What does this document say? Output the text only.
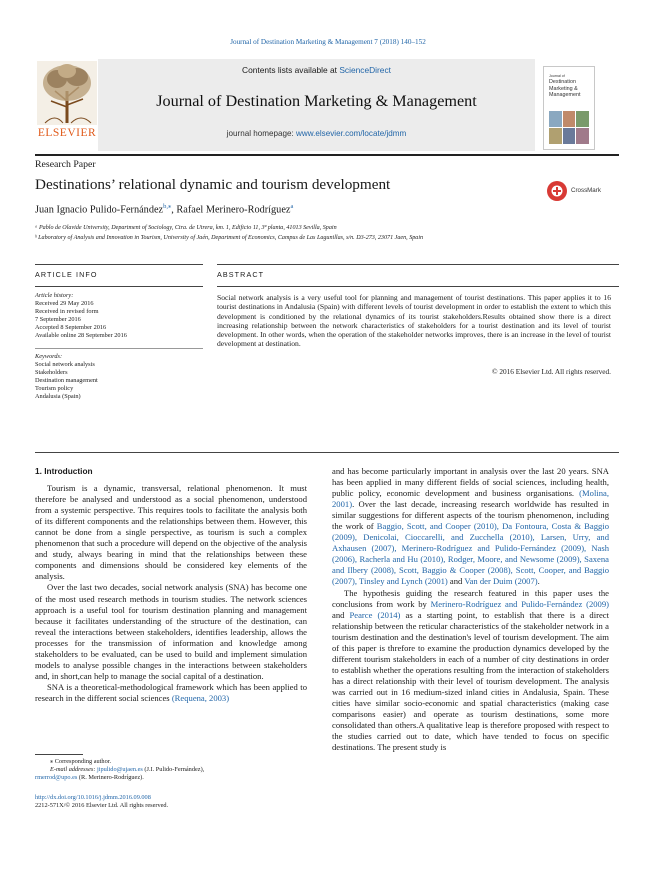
Journal of Destination Marketing & Management 7 (2018) 140–152
ELSEVIER
Contents lists available at ScienceDirect
Journal of Destination Marketing & Management
journal homepage: www.elsevier.com/locate/jdmm
Journal of
Destination
Marketing &
Management
Research Paper
Destinations’ relational dynamic and tourism development	CrossMark
Juan Ignacio Pulido-Fernández$^{b,⁎}$, Rafael Merinero-Rodríguez$^a$
ᵃ Pablo de Olavide University, Department of Sociology, Ctra. de Utrera, km. 1, Edificio 11, 3ª planta, 41013 Sevilla, Spain
ᵇ Laboratory of Analysis and Innovation in Tourism, University of Jaén, Department of Economics, Campus de Las Lagunillas, s/n. D3-273, 23071 Jaen, Spain
ARTICLE INFO	ABSTRACT
Article history:
Received 29 May 2016
Received in revised form
7 September 2016
Accepted 8 September 2016
Available online 28 September 2016
Keywords:
Social network analysis
Stakeholders
Destination management
Tourism policy
Andalusia (Spain)
Social network analysis is a very useful tool for planning and management of tourist destinations. This paper applies it to 16 tourist destinations in Andalusia (Spain) with different levels of tourist development in order to establish the extent to which this development is conditioned by the relational dynamics of its tourist stakeholders.Results obtained show there is a direct increasing relationship between the network characteristics of stakeholders for a tourist destination and its level of tourist development. In other words, when the operation of the stakeholder networks improves, there is an increase in the level of tourist development at destination.
© 2016 Elsevier Ltd. All rights reserved.
1. Introduction

Tourism is a dynamic, transversal, relational phenomenon. It must therefore be analysed and understood as a social phenomenon, understood from a systemic perspective. This requires tools to facilitate the analysis both of its different components and the relationships between them. However, this cannot be done from a single perspective, as tourism is such a complex phenomenon that such a procedure will depend on the objective of the analysis and study, always bearing in mind that the relationships between these components and dimensions should be considered key elements of the analysis.

Over the last two decades, social network analysis (SNA) has become one of the most used research methods in tourism studies. The network sciences approach is a useful tool for tourism destination planning and management because it facilitates understanding of the structure of the destination, can reveal the interactions between stakeholders, identifies leadership, allows the processes for the transmission of information and knowledge among stakeholders to be evaluated, can be used to build and implement simulation models to analyse possible changes in the interactions between stakeholders and, in short,can help to manage the social capital of a destination.

SNA is a theoretical-methodological framework which has been applied to research in the different social sciences (Requena, 2003)

⁎ Corresponding author.
E-mail addresses: jipulido@ujaen.es (J.I. Pulido-Fernández),
rmerrod@upo.es (R. Merinero-Rodríguez).
http://dx.doi.org/10.1016/j.jdmm.2016.09.008
2212-571X/© 2016 Elsevier Ltd. All rights reserved.

and has become particularly important in analysis over the last 20 years. SNA has been applied in many different fields of social sciences, including health, public policy, economic development and business organisations. (Molina, 2001). Over the last decade, increasing research worldwide has resulted in similar suggestions for different aspects of the tourism phenomenon, including the work of Baggio, Scott, and Cooper (2010), Da Fontoura, Costa & Baggio (2009), Denicolai, Cioccarelli, and Zucchella (2010), Larsen, Urry, and Axhausen (2007), Merinero-Rodríguez and Pulido-Fernández (2009), Nash (2006), Racherla and Hu (2010), Rodger, Moore, and Newsome (2009), Saxena and Ilbery (2008), Scott, Baggio & Cooper (2008), Scott, Cooper, and Baggio (2007), Tinsley and Lynch (2001) and Van der Duim (2007).

The hypothesis guiding the research featured in this paper uses the conclusions from work by Merinero-Rodríguez and Pulido-Fernández (2009) and Pearce (2014) as a starting point, to establish that there is a direct relationship between the reticular characteristics of the stakeholder network in a tourism destination and the destination's level of tourism development. The aim of this paper is threfore to examine the production dynamics developed by the different tourism stakeholders in each of a number of city destinations in order to establish whether the operations resulting from the interaction of stakeholders has a direct relationship with their level of tourism development. The analysis was carried out in 16 medium-sized inland cities in Andalusia, Spain. These cities have similar socio-economic and spatial characteristics (making case comparisons easier) and operate as tourism destinations, some more consolidated than others.A qualitative leap is therefore proposed with respect to the studies carried out to date, which have tended to focus on specific destinations. The present study is
